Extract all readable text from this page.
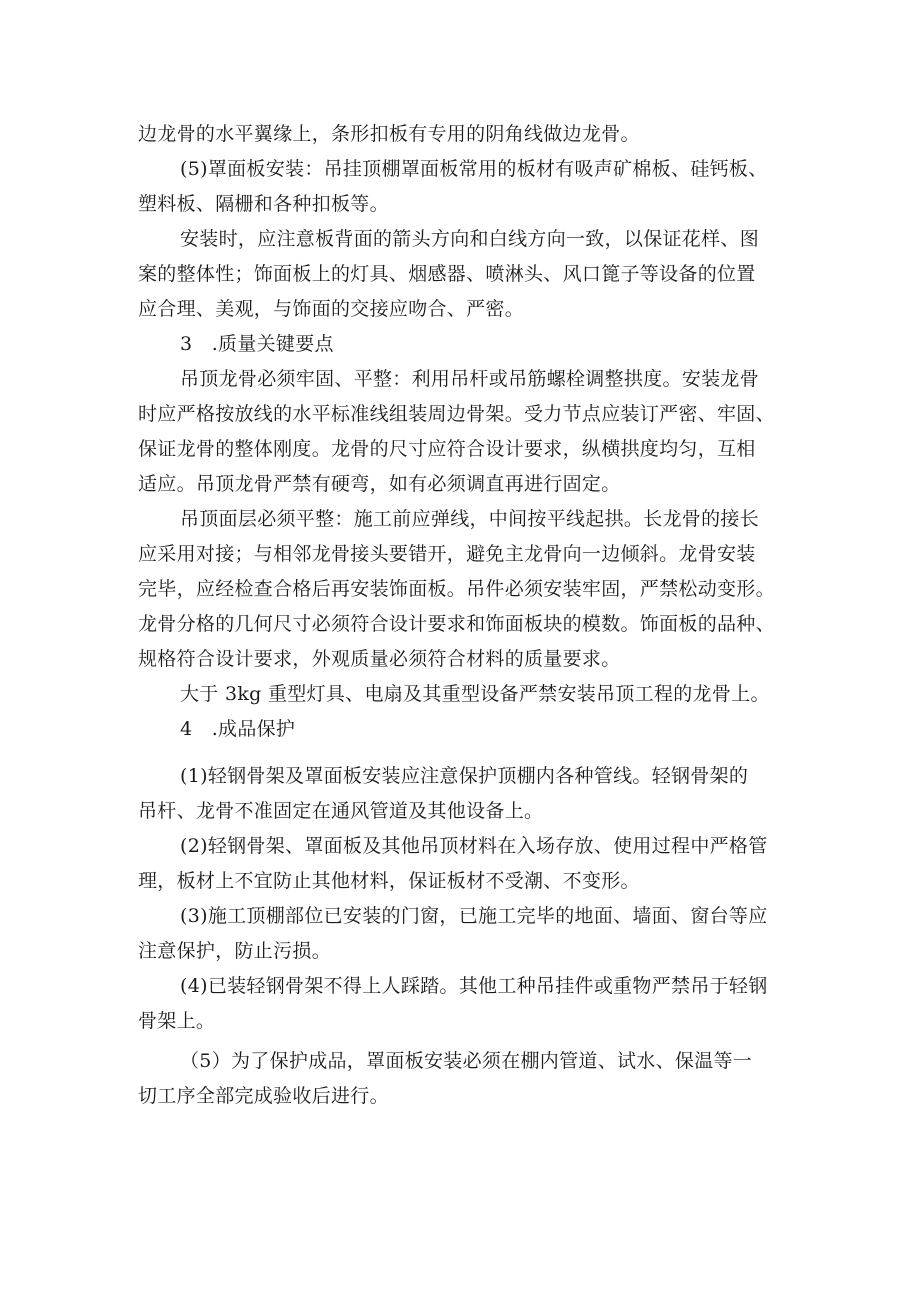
边龙骨的水平翼缘上，条形扣板有专用的阴角线做边龙骨。
(5)罩面板安装：吊挂顶棚罩面板常用的板材有吸声矿棉板、硅钙板、
塑料板、隔栅和各种扣板等。
安装时，应注意板背面的箭头方向和白线方向一致，以保证花样、图
案的整体性；饰面板上的灯具、烟感器、喷淋头、风口篦子等设备的位置
应合理、美观，与饰面的交接应吻合、严密。
3　.质量关键要点
吊顶龙骨必须牢固、平整：利用吊杆或吊筋螺栓调整拱度。安装龙骨
时应严格按放线的水平标准线组装周边骨架。受力节点应装订严密、牢固、
保证龙骨的整体刚度。龙骨的尺寸应符合设计要求，纵横拱度均匀，互相
适应。吊顶龙骨严禁有硬弯，如有必须调直再进行固定。
吊顶面层必须平整：施工前应弹线，中间按平线起拱。长龙骨的接长
应采用对接；与相邻龙骨接头要错开，避免主龙骨向一边倾斜。龙骨安装
完毕，应经检查合格后再安装饰面板。吊件必须安装牢固，严禁松动变形。
龙骨分格的几何尺寸必须符合设计要求和饰面板块的模数。饰面板的品种、
规格符合设计要求，外观质量必须符合材料的质量要求。
大于 3kg 重型灯具、电扇及其重型设备严禁安装吊顶工程的龙骨上。
4　.成品保护
(1)轻钢骨架及罩面板安装应注意保护顶棚内各种管线。轻钢骨架的
吊杆、龙骨不准固定在通风管道及其他设备上。
(2)轻钢骨架、罩面板及其他吊顶材料在入场存放、使用过程中严格管
理，板材上不宜防止其他材料，保证板材不受潮、不变形。
(3)施工顶棚部位已安装的门窗，已施工完毕的地面、墙面、窗台等应
注意保护，防止污损。
(4)已装轻钢骨架不得上人踩踏。其他工种吊挂件或重物严禁吊于轻钢
骨架上。
（5）为了保护成品，罩面板安装必须在棚内管道、试水、保温等一
切工序全部完成验收后进行。
